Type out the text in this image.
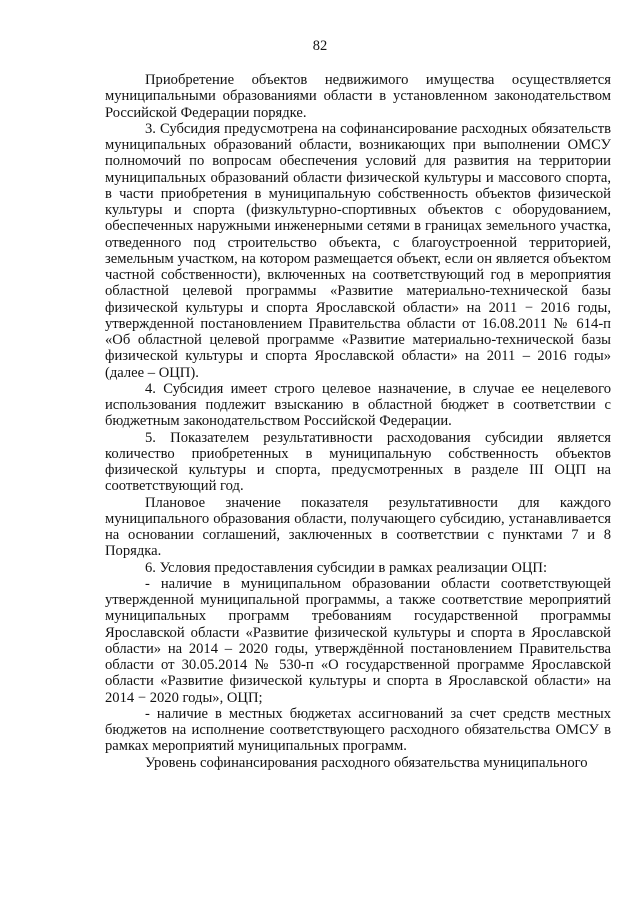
82

Приобретение объектов недвижимого имущества осуществляется муниципальными образованиями области в установленном законодательством Российской Федерации порядке.

3. Субсидия предусмотрена на софинансирование расходных обязательств муниципальных образований области, возникающих при выполнении ОМСУ полномочий по вопросам обеспечения условий для развития на территории муниципальных образований области физической культуры и массового спорта, в части приобретения в муниципальную собственность объектов физической культуры и спорта (физкультурно-спортивных объектов с оборудованием, обеспеченных наружными инженерными сетями в границах земельного участка, отведенного под строительство объекта, с благоустроенной территорией, земельным участком, на котором размещается объект, если он является объектом частной собственности), включенных на соответствующий год в мероприятия областной целевой программы «Развитие материально-технической базы физической культуры и спорта Ярославской области» на 2011 − 2016 годы, утвержденной постановлением Правительства области от 16.08.2011 № 614-п «Об областной целевой программе «Развитие материально-технической базы физической культуры и спорта Ярославской области» на 2011 – 2016 годы» (далее – ОЦП).

4. Субсидия имеет строго целевое назначение, в случае ее нецелевого использования подлежит взысканию в областной бюджет в соответствии с бюджетным законодательством Российской Федерации.

5. Показателем результативности расходования субсидии является количество приобретенных в муниципальную собственность объектов физической культуры и спорта, предусмотренных в разделе III ОЦП на соответствующий год.

Плановое значение показателя результативности для каждого муниципального образования области, получающего субсидию, устанавливается на основании соглашений, заключенных в соответствии с пунктами 7 и 8 Порядка.

6. Условия предоставления субсидии в рамках реализации ОЦП:

- наличие в муниципальном образовании области соответствующей утвержденной муниципальной программы, а также соответствие мероприятий муниципальных программ требованиям государственной программы Ярославской области «Развитие физической культуры и спорта в Ярославской области» на 2014 – 2020 годы, утверждённой постановлением Правительства области от 30.05.2014 № 530-п «О государственной программе Ярославской области «Развитие физической культуры и спорта в Ярославской области» на 2014 − 2020 годы», ОЦП;

- наличие в местных бюджетах ассигнований за счет средств местных бюджетов на исполнение соответствующего расходного обязательства ОМСУ в рамках мероприятий муниципальных программ.

Уровень софинансирования расходного обязательства муниципального
